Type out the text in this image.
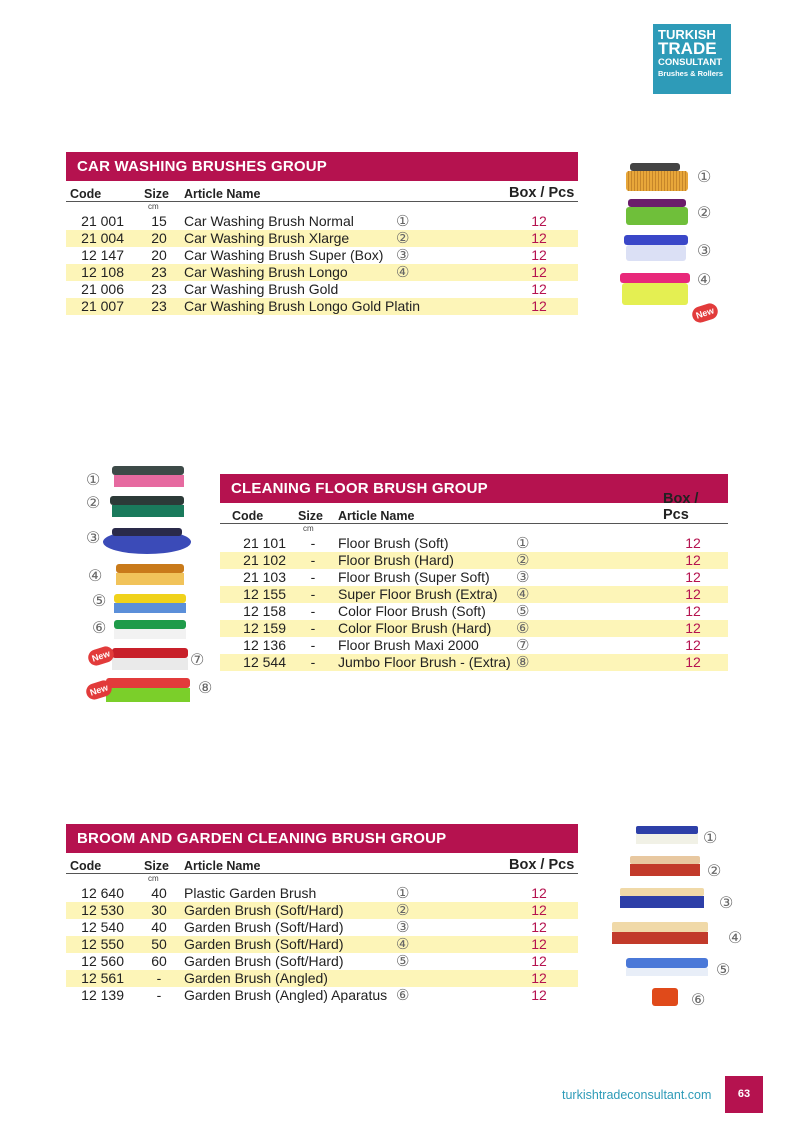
TURKISH
TRADE
CONSULTANT
Brushes & Rollers
CAR WASHING BRUSHES GROUP
Code	Size Article Name	Box / Pcs
cm
21 001	15	Car Washing Brush Normal	①	12
21 004	20	Car Washing Brush Xlarge	②	12
12 147	20	Car Washing Brush Super (Box) ③	12
12 108	23	Car Washing Brush Longo	④	12
21 006	23	Car Washing Brush Gold	12
21 007	23	Car Washing Brush Longo Gold Platin	12
①
②
③
④
New
CLEANING FLOOR BRUSH GROUP
Code	Size Article Name
Box / Pcs
cm
21 101	-	Floor Brush (Soft)	①	12
21 102	-	Floor Brush (Hard)	②	12
21 103	-	Floor Brush (Super Soft) ③	12
12 155	-	Super Floor Brush (Extra) ④	12
12 158	-	Color Floor Brush (Soft) ⑤	12
12 159	-	Color Floor Brush (Hard) ⑥	12
12 136	-	Floor Brush Maxi 2000 ⑦	12
12 544	-	Jumbo Floor Brush - (Extra) ⑧	12
①
②
③
④
⑤
⑥
⑦
⑧
New
New
BROOM AND GARDEN CLEANING BRUSH GROUP
Code	Size Article Name	Box / Pcs
cm
12 640	40	Plastic Garden Brush	①	12
12 530	30	Garden Brush (Soft/Hard)	②	12
12 540	40	Garden Brush (Soft/Hard)	③	12
12 550	50	Garden Brush (Soft/Hard)	④	12
12 560	60	Garden Brush (Soft/Hard)	⑤	12
12 561	-	Garden Brush (Angled)	12
12 139	-	Garden Brush (Angled) Aparatus ⑥	12
①
②
③
④
⑤
⑥
turkishtradeconsultant.com	63
